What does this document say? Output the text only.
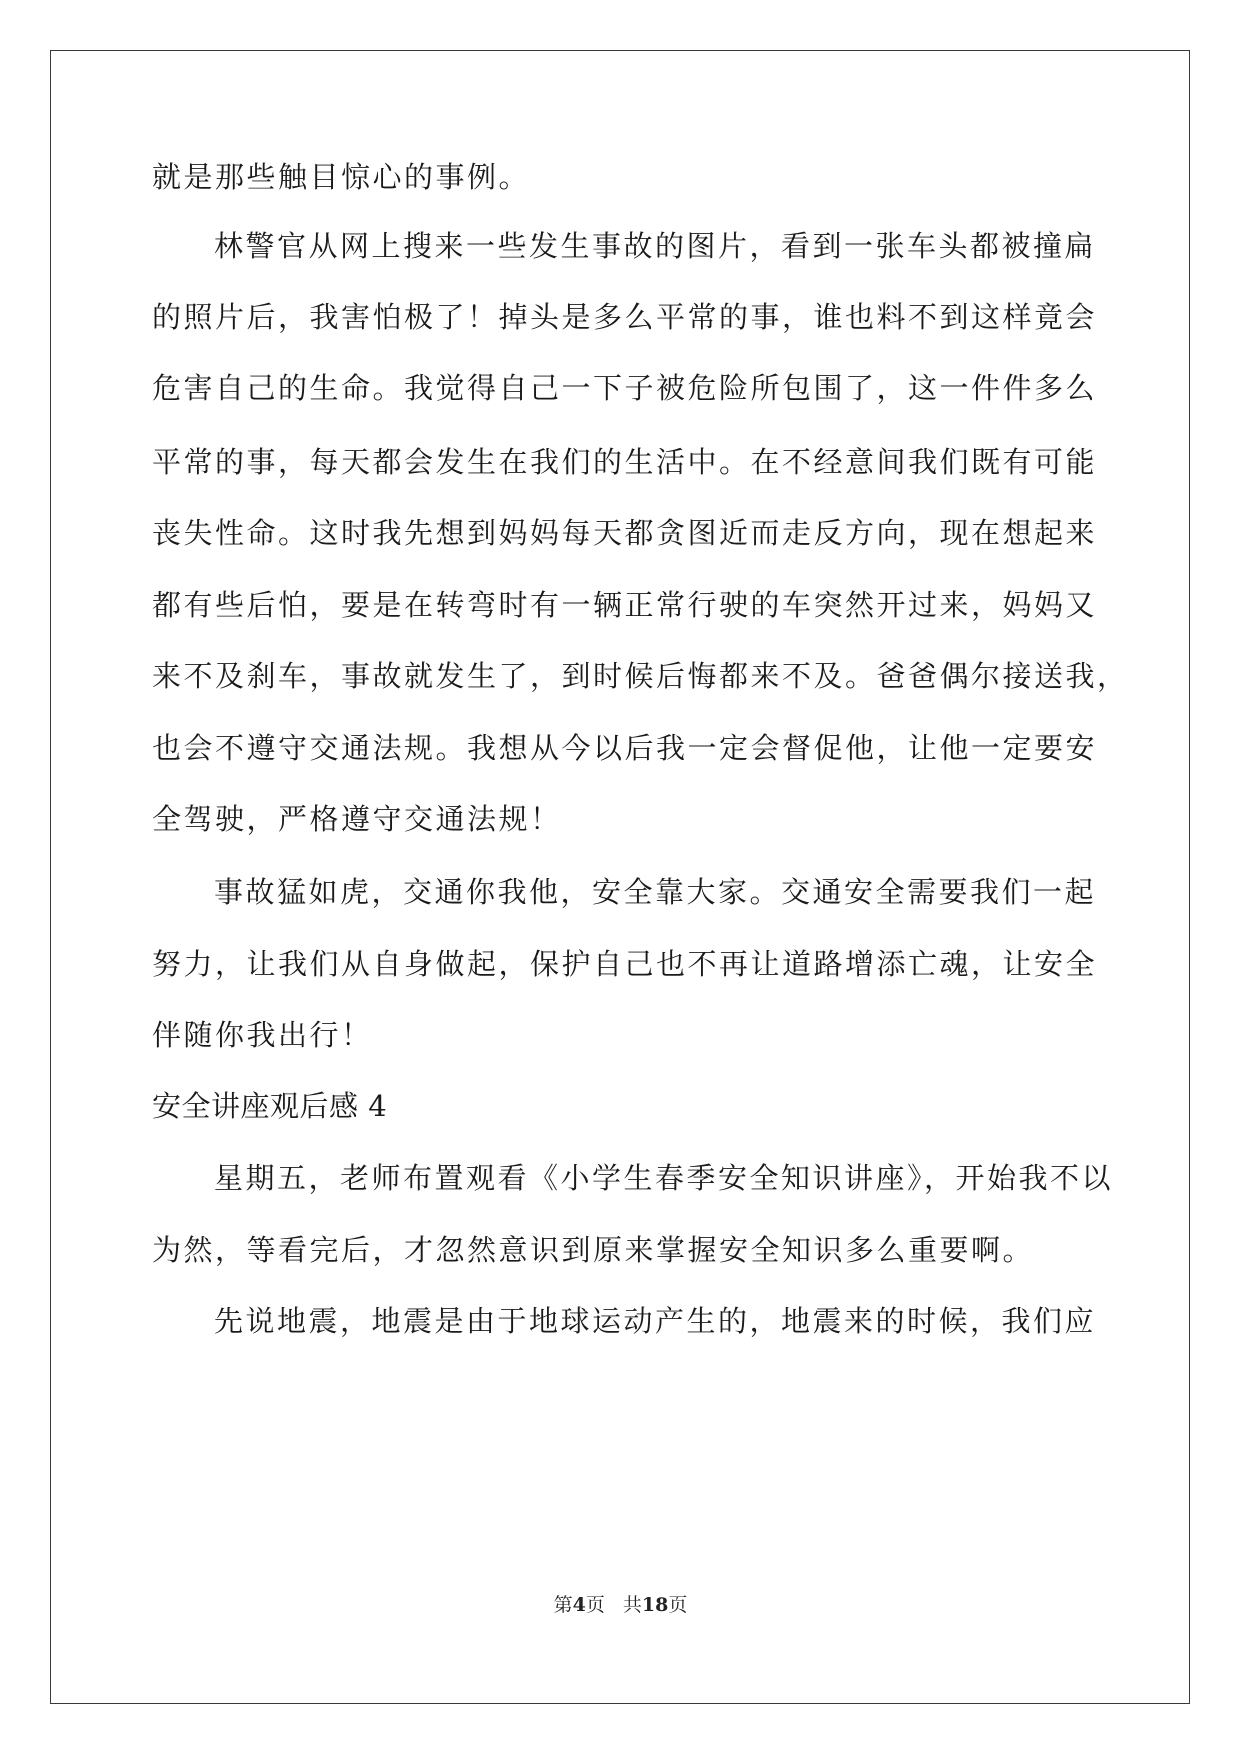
就是那些触目惊心的事例。
林警官从网上搜来一些发生事故的图片，看到一张车头都被撞扁
的照片后，我害怕极了！掉头是多么平常的事，谁也料不到这样竟会
危害自己的生命。我觉得自己一下子被危险所包围了，这一件件多么
平常的事，每天都会发生在我们的生活中。在不经意间我们既有可能
丧失性命。这时我先想到妈妈每天都贪图近而走反方向，现在想起来
都有些后怕，要是在转弯时有一辆正常行驶的车突然开过来，妈妈又
来不及刹车，事故就发生了，到时候后悔都来不及。爸爸偶尔接送我，
也会不遵守交通法规。我想从今以后我一定会督促他，让他一定要安
全驾驶，严格遵守交通法规！
事故猛如虎，交通你我他，安全靠大家。交通安全需要我们一起
努力，让我们从自身做起，保护自己也不再让道路增添亡魂，让安全
伴随你我出行！
安全讲座观后感 4
星期五，老师布置观看《小学生春季安全知识讲座》，开始我不以
为然，等看完后，才忽然意识到原来掌握安全知识多么重要啊。
先说地震，地震是由于地球运动产生的，地震来的时候，我们应
第4页 共18页
